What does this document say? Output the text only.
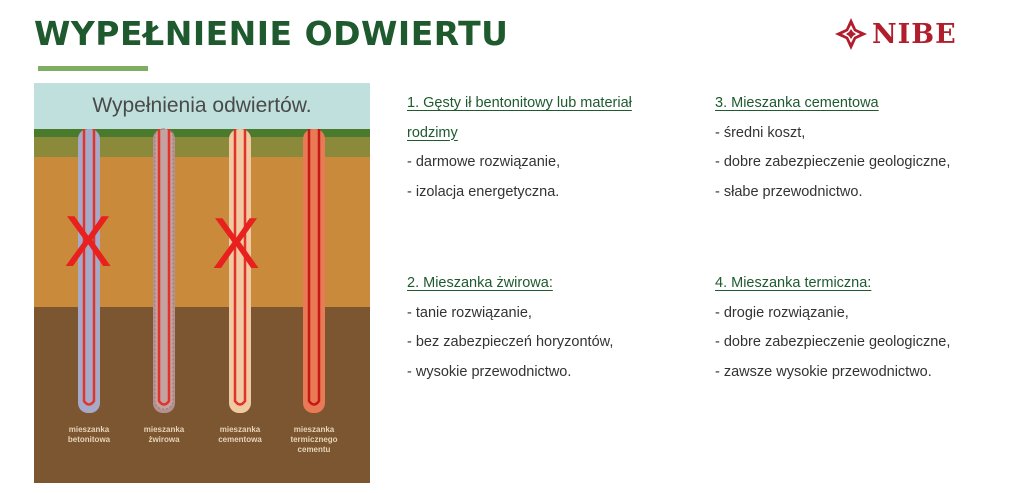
WYPEŁNIENIE ODWIERTU	NIBE
Wypełnienia odwiertów.
mieszanka
betonitowa
mieszanka
żwirowa
mieszanka
cementowa
mieszanka
termicznego
cementu
X X
1. Gęsty ił bentonitowy lub materiał
rodzimy
- darmowe rozwiązanie,
- izolacja energetyczna.
2. Mieszanka żwirowa:
- tanie rozwiązanie,
- bez zabezpieczeń horyzontów,
- wysokie przewodnictwo.
3. Mieszanka cementowa
- średni koszt,
- dobre zabezpieczenie geologiczne,
- słabe przewodnictwo.
4. Mieszanka termiczna:
- drogie rozwiązanie,
- dobre zabezpieczenie geologiczne,
- zawsze wysokie przewodnictwo.
